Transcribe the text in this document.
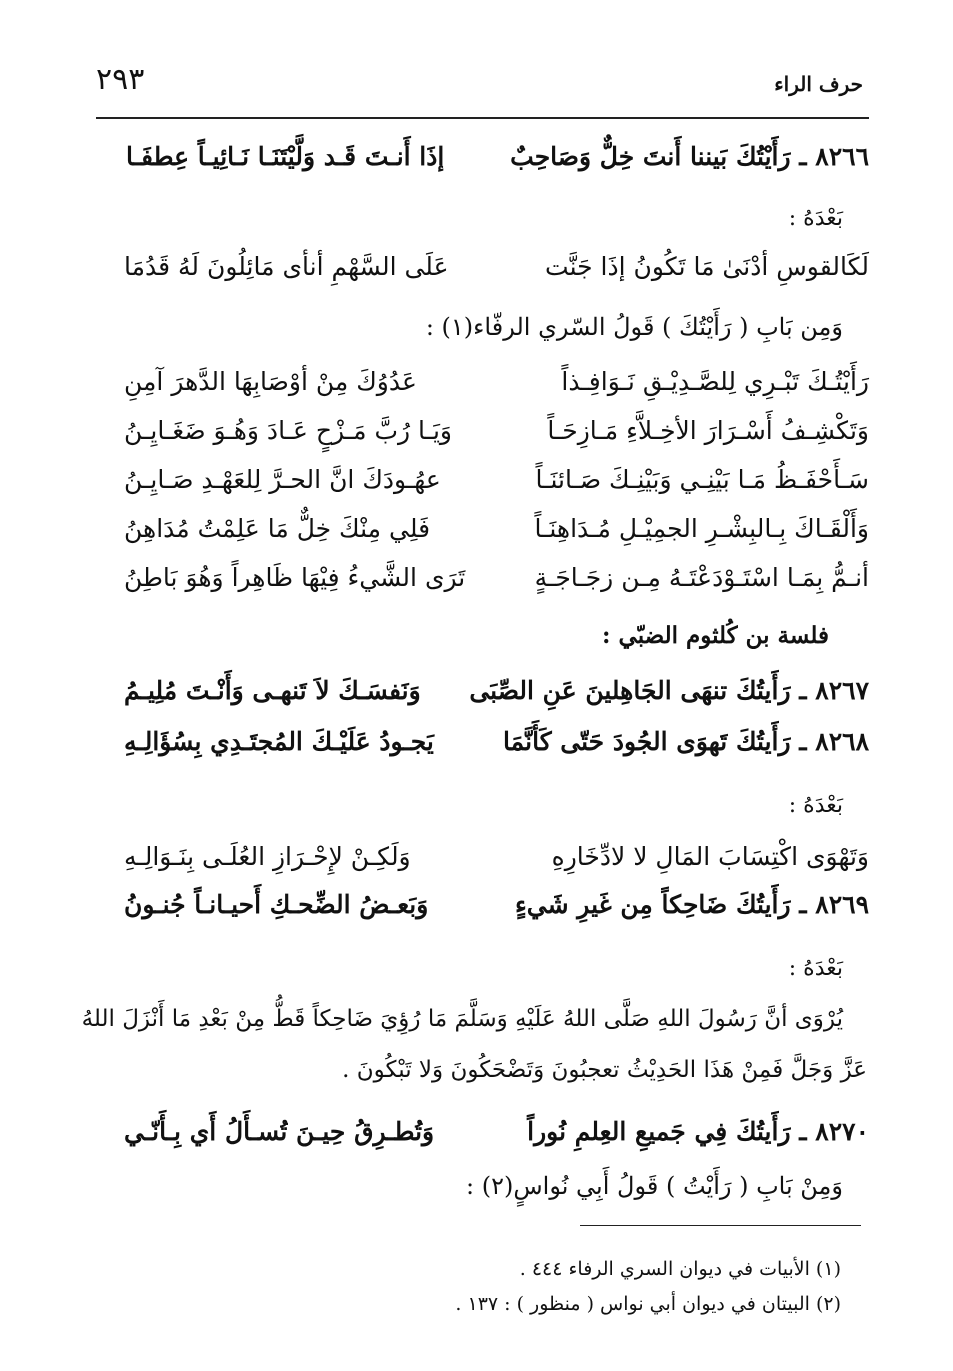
٢٩٣	حرف الراء
٨٢٦٦ ـ رَأَيْتُكَ بَيننا أَنتَ خِلٌّ وَصَاحِبٌ
إذَا أَنـتَ قَـد وَلَّيْتَنَـا نَـائِيـاً عِطفَـا
بَعْدَهُ :
لَكَالقوسِ أدْنَىٰ مَا تَكُونُ إذَا جَنَّت
عَلَى السَّهْمِ أنأى مَائِلُونَ لَهُ قَدُمَا
وَمِن بَابِ ( رَأَيْتُكَ ) قَولُ السّري الرفّاء(١) :
رَأَيْتُـكَ تَبْـرِي لِلصَّـدِيْـقِ نَـوَافِـذاً
عَدُوُكَ مِنْ أوْصَابِهَا الدَّهرَ آمِنِ
وَتَكْشِـفُ أَسْـرَارَ الأخِـلاَّءِ مَـازِحَـاً
وَيَـا رُبَّ مَـزْحٍ عَـادَ وَهُـوَ ضَغَـايِـنُ
سَـأَحْفَـظُ مَـا بَيْنِـي وَبَيْنِـكَ صَـائنَـاً
عهُـودَكَ انَّ الحـرَّ لِلعَهْـدِ صَـايِـنُ
وَأَلْقَـاكَ بِـالبِشْـرِ الجمِيْـلِ مُـدَاهِنَـاً
فَلِي مِنْكَ خِلٌّ مَا عَلِمْتُ مُدَاهِنُ
أنـمُّ بِمَـا اسْتَـوْدَعْتَـهُ مِـن زجَـاجَـةٍ
تَرَى الشَّيءُ فِيْهَا ظَاهِراً وَهُوَ بَاطِنُ
فلسة بن كُلثوم الضبّي :
٨٢٦٧ ـ رَأَيتُكَ تنهَى الجَاهِلينَ عَنِ الصِّبَى
وَنَفسَـكَ لاَ تَنهـى وَأَنْـتَ مُلِيـمُ
٨٢٦٨ ـ رَأَيتُكَ تَهوَى الجُودَ حَتّى كَأَنَّمَا
يَجـودُ عَلَيْـكَ المُجتَـدِي بِسُؤَالِـهِ
بَعْدَهُ :
وَتَهْوَى اكْتِسَابَ المَالِ لا لادِّخَارِهِ
وَلَكِـنْ لإِحْـرَازِ العُلَـى بِنَـوَالِـهِ
٨٢٦٩ ـ رَأَيتُكَ ضَاحِكاً مِن غَيرِ شَيءٍ
وَبَعـضُ الضِّحـكِ أَحيـانـاً جُنـونُ
بَعْدَهُ :
يُرْوَى أنَّ رَسُولَ اللهِ صَلَّى اللهُ عَلَيْهِ وَسَلَّمَ مَا رُؤِيَ ضَاحِكاً قَطُّ مِنْ بَعْدِ مَا أَنْزَلَ اللهُ
عَزَّ وَجَلَّ فَمِنْ هَذَا الحَدِيْثُ تعجبُونَ وَتَضْحَكُونَ وَلا تَبْكُونَ .
٨٢٧٠ ـ رَأَيتُكَ فِي جَميعِ العِلمِ نُوراً
وَتُطـرِقُ حِيـنَ تُسـأَلُ أَي بِـأَنّـي
وَمِنْ بَابِ ( رَأَيْتُ ) قَولُ أَبِي نُواسٍ(٢) :
(١) الأبيات في ديوان السري الرفاء ٤٤٤ .
(٢) البيتان في ديوان أبي نواس ( منظور ) : ١٣٧ .
